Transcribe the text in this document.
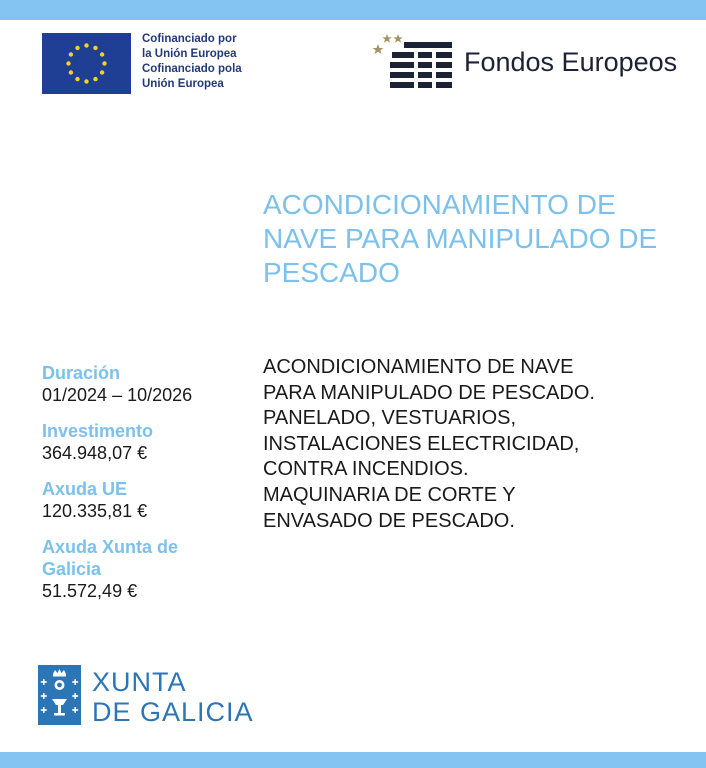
Cofinanciado por
la Unión Europea
Cofinanciado pola
Unión Europea
Fondos Europeos
ACONDICIONAMIENTO DE
NAVE PARA MANIPULADO DE
PESCADO
Duración
01/2024 – 10/2026
Investimento
364.948,07 €
Axuda UE
120.335,81 €
Axuda Xunta de
Galicia
51.572,49 €
ACONDICIONAMIENTO DE NAVE
PARA MANIPULADO DE PESCADO.
PANELADO, VESTUARIOS,
INSTALACIONES ELECTRICIDAD,
CONTRA INCENDIOS.
MAQUINARIA DE CORTE Y
ENVASADO DE PESCADO.
XUNTA
DE GALICIA
